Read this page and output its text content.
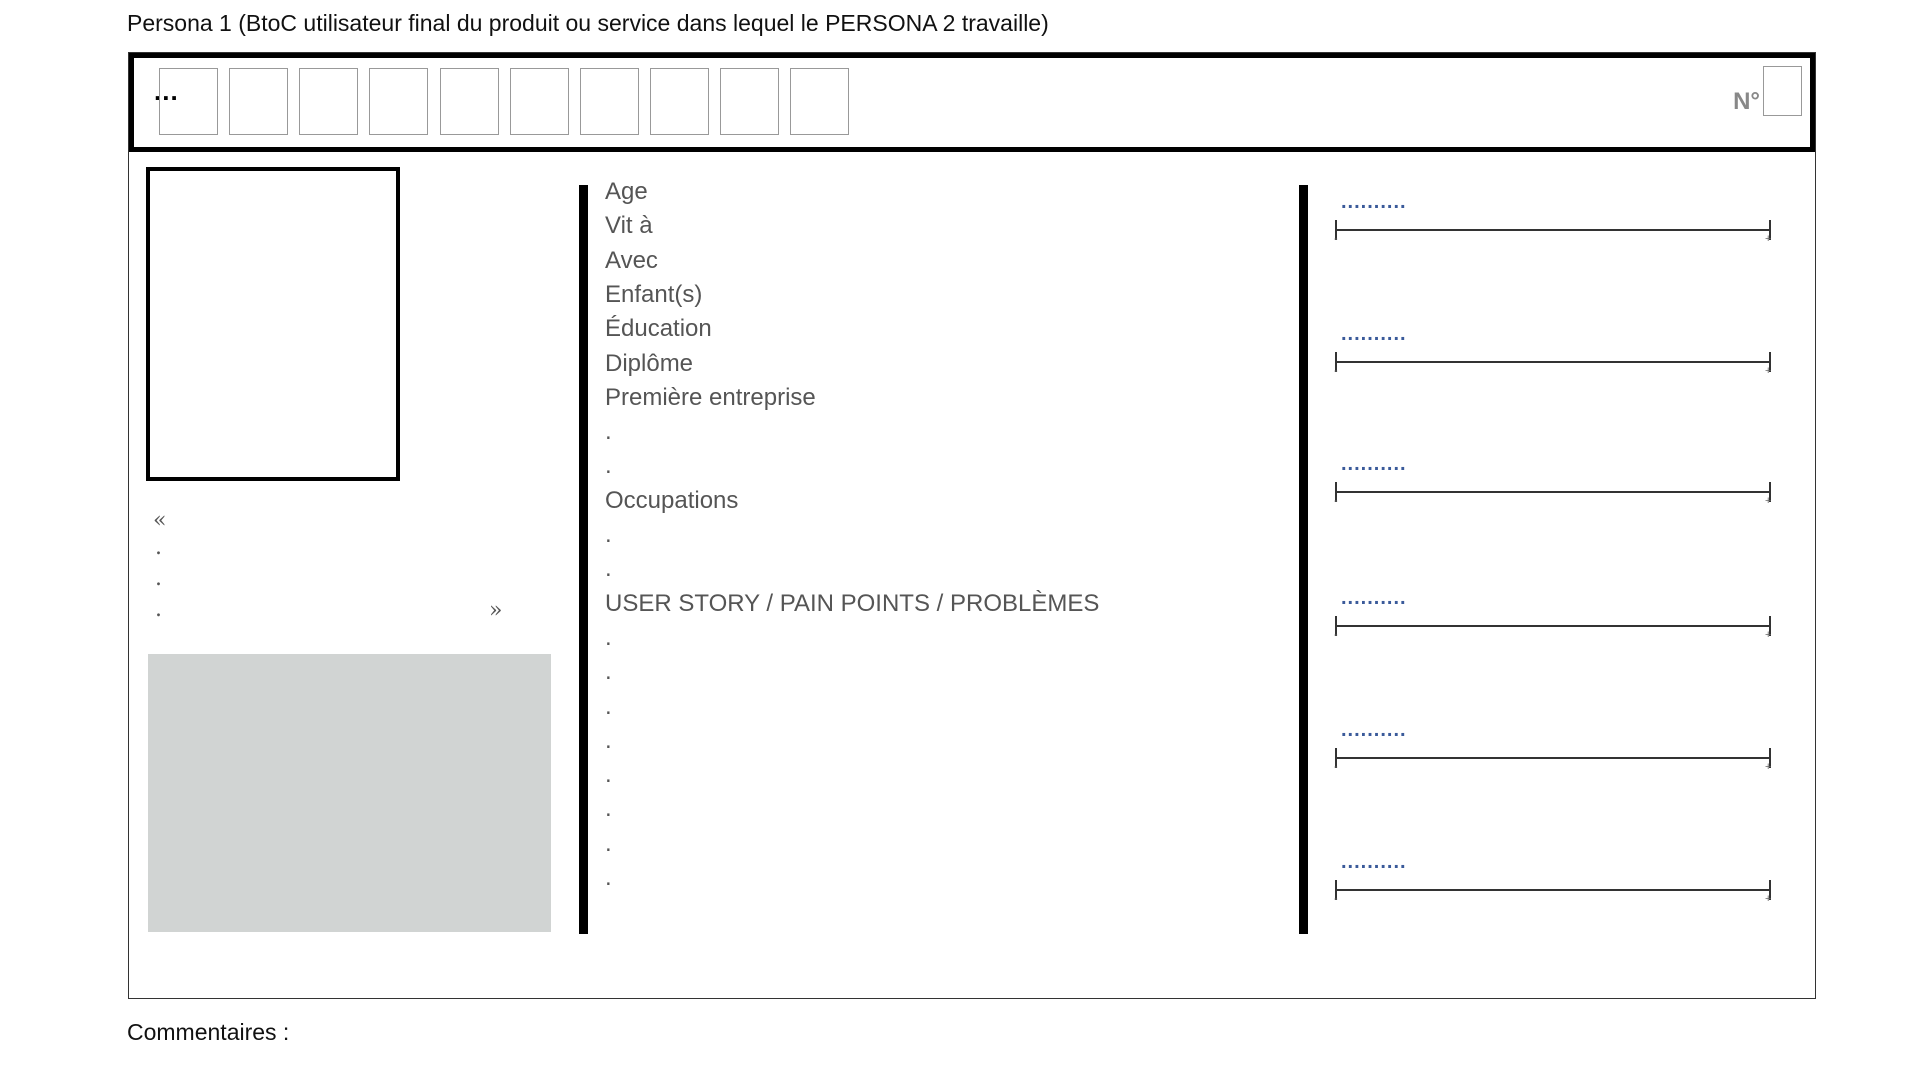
Persona 1 (BtoC utilisateur final du produit ou service dans lequel le PERSONA 2 travaille)
...	N°
«
.
.
.	»
Age
Vit à
Avec
Enfant(s)
Éducation
Diplôme
Première entreprise
.
.
Occupations
.
.
USER STORY / PAIN POINTS / PROBLÈMES
.
.
.
.
.
.
.
.
..........
-	+
..........
-	+
..........
-	+
..........
-	+
..........
-	+
..........
-	+
Commentaires :
